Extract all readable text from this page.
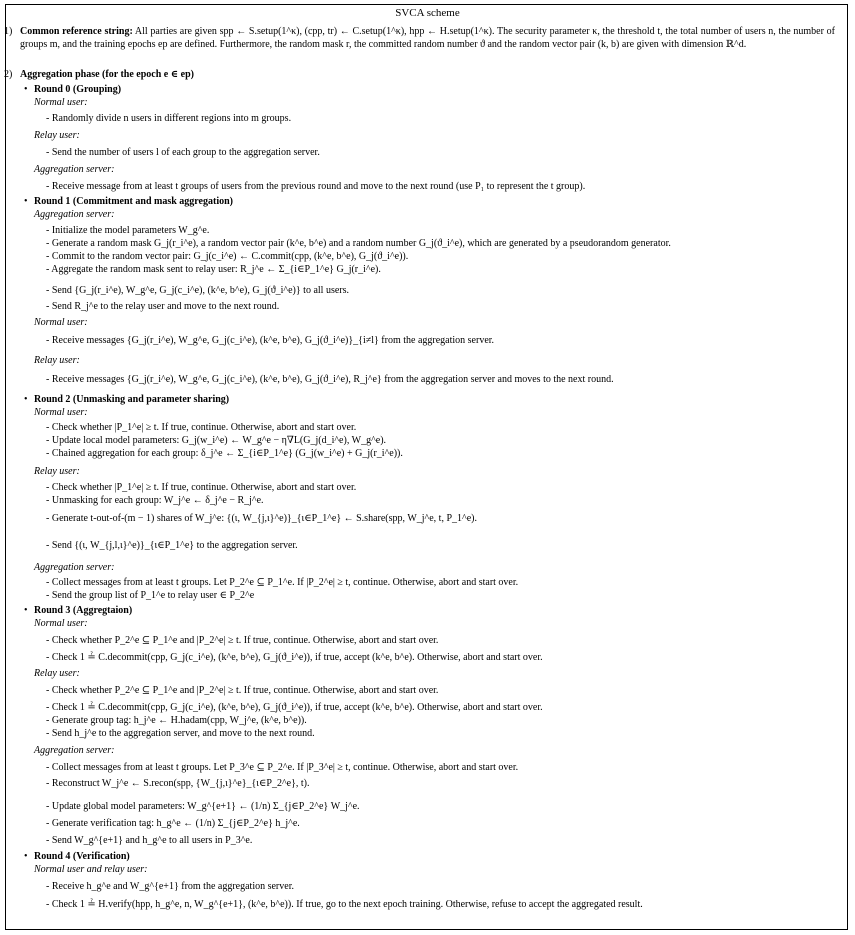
SVCA scheme
1) Common reference string: All parties are given spp ← S.setup(1^κ), (cpp, tr) ← C.setup(1^κ), hpp ← H.setup(1^κ). The security parameter κ, the threshold t, the total number of users n, the number of groups m, and the training epochs ep are defined. Furthermore, the random mask r, the committed random number ϑ and the random vector pair (k, b) are given with dimension ℝ^d.
2) Aggregation phase (for the epoch e ∈ ep)
• Round 0 (Grouping)
Normal user:
- Randomly divide n users in different regions into m groups.
Relay user:
- Send the number of users l of each group to the aggregation server.
Aggregation server:
- Receive message from at least t groups of users from the previous round and move to the next round (use P₁ to represent the t group).
• Round 1 (Commitment and mask aggregation)
Aggregation server:
- Initialize the model parameters W_g^e.
- Generate a random mask G_j(r_i^e), a random vector pair (k^e, b^e) and a random number G_j(ϑ_i^e), which are generated by a pseudorandom generator.
- Commit to the random vector pair: G_j(c_i^e) ← C.commit(cpp, (k^e, b^e), G_j(ϑ_i^e)).
- Aggregate the random mask sent to relay user: R_j^e ← Σ_{i∈P_1^e} G_j(r_i^e).
- Send {G_j(r_i^e), W_g^e, G_j(c_i^e), (k^e, b^e), G_j(ϑ_i^e)} to all users.
- Send R_j^e to the relay user and move to the next round.
Normal user:
- Receive messages {G_j(r_i^e), W_g^e, G_j(c_i^e), (k^e, b^e), G_j(ϑ_i^e)}_{i≠l} from the aggregation server.
Relay user:
- Receive messages {G_j(r_i^e), W_g^e, G_j(c_i^e), (k^e, b^e), G_j(ϑ_i^e), R_j^e} from the aggregation server and moves to the next round.
• Round 2 (Unmasking and parameter sharing)
Normal user:
- Check whether |P_1^e| ≥ t. If true, continue. Otherwise, abort and start over.
- Update local model parameters: G_j(w_i^e) ← W_g^e − η∇L(G_j(d_i^e), W_g^e).
- Chained aggregation for each group: δ_j^e ← Σ_{i∈P_1^e} (G_j(w_i^e) + G_j(r_i^e)).
Relay user:
- Check whether |P_1^e| ≥ t. If true, continue. Otherwise, abort and start over.
- Unmasking for each group: W_j^e ← δ_j^e − R_j^e.
- Generate t-out-of-(m − 1) shares of W_j^e: {(ι, W_{j,ι}^e)}_{ι∈P_1^e} ← S.share(spp, W_j^e, t, P_1^e).
- Send {(ι, W_{j,l,ι}^e)}_{ι∈P_1^e} to the aggregation server.
Aggregation server:
- Collect messages from at least t groups. Let P_2^e ⊆ P_1^e. If |P_2^e| ≥ t, continue. Otherwise, abort and start over.
- Send the group list of P_1^e to relay user ∈ P_2^e
• Round 3 (Aggregtaion)
Normal user:
- Check whether P_2^e ⊆ P_1^e and |P_2^e| ≥ t. If true, continue. Otherwise, abort and start over.
- Check 1 ≟ C.decommit(cpp, G_j(c_i^e), (k^e, b^e), G_j(ϑ_i^e)), if true, accept (k^e, b^e). Otherwise, abort and start over.
Relay user:
- Check whether P_2^e ⊆ P_1^e and |P_2^e| ≥ t. If true, continue. Otherwise, abort and start over.
- Check 1 ≟ C.decommit(cpp, G_j(c_i^e), (k^e, b^e), G_j(ϑ_i^e)), if true, accept (k^e, b^e). Otherwise, abort and start over.
- Generate group tag: h_j^e ← H.hadam(cpp, W_j^e, (k^e, b^e)).
- Send h_j^e to the aggregation server, and move to the next round.
Aggregation server:
- Collect messages from at least t groups. Let P_3^e ⊆ P_2^e. If |P_3^e| ≥ t, continue. Otherwise, abort and start over.
- Reconstruct W_j^e ← S.recon(spp, {W_{j,ι}^e}_{ι∈P_2^e}, t).
- Update global model parameters: W_g^{e+1} ← (1/n) Σ_{j∈P_2^e} W_j^e.
- Generate verification tag: h_g^e ← (1/n) Σ_{j∈P_2^e} h_j^e.
- Send W_g^{e+1} and h_g^e to all users in P_3^e.
• Round 4 (Verification)
Normal user and relay user:
- Receive h_g^e and W_g^{e+1} from the aggregation server.
- Check 1 ≟ H.verify(hpp, h_g^e, n, W_g^{e+1}, (k^e, b^e)). If true, go to the next epoch training. Otherwise, refuse to accept the aggregated result.
